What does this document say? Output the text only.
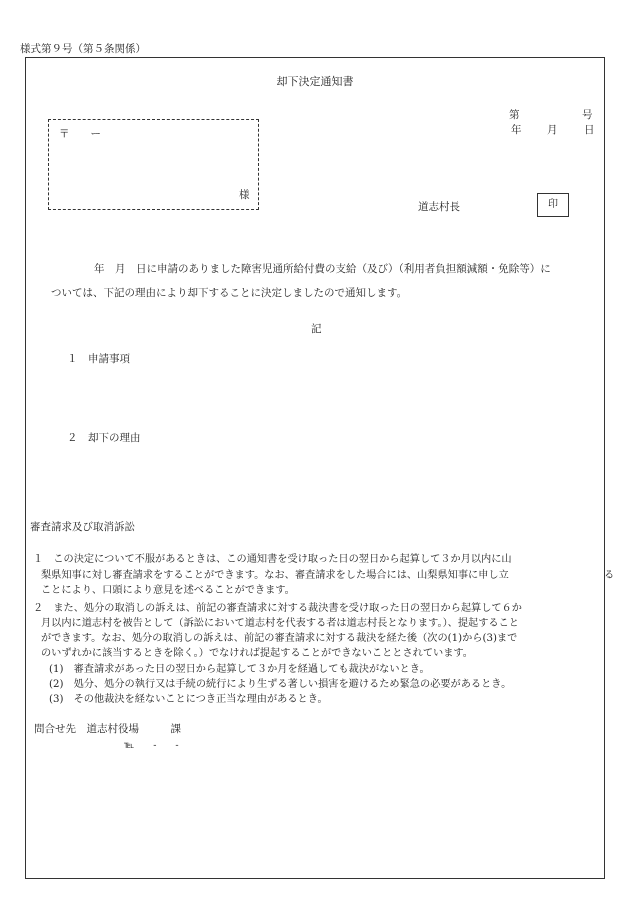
様式第９号（第５条関係）
却下決定通知書
第	号
年 月	日
〒　　ー
様
道志村長	印
年　月　日に申請のありました障害児通所給付費の支給（及び）（利用者負担額減額・免除等）に
ついては、下記の理由により却下することに決定しましたので通知します。
記
１　申請事項
２　却下の理由
審査請求及び取消訴訟
１　この決定について不服があるときは、この通知書を受け取った日の翌日から起算して３か月以内に山
梨県知事に対し審査請求をすることができます。なお、審査請求をした場合には、山梨県知事に申し立	る
ことにより、口頭により意見を述べることができます。
２　また、処分の取消しの訴えは、前記の審査請求に対する裁決書を受け取った日の翌日から起算して６か
月以内に道志村を被告として（訴訟において道志村を代表する者は道志村長となります。）、提起すること
ができます。なお、処分の取消しの訴えは、前記の審査請求に対する裁決を経た後（次の(1)から(3)まで
のいずれかに該当するときを除く。）でなければ提起することができないこととされています。
(1)　審査請求があった日の翌日から起算して３か月を経過しても裁決がないとき。
(2)　処分、処分の執行又は手続の続行により生ずる著しい損害を避けるため緊急の必要があるとき。
(3)　その他裁決を経ないことにつき正当な理由があるとき。
問合せ先　道志村役場　　　課
℡　　-　　-
